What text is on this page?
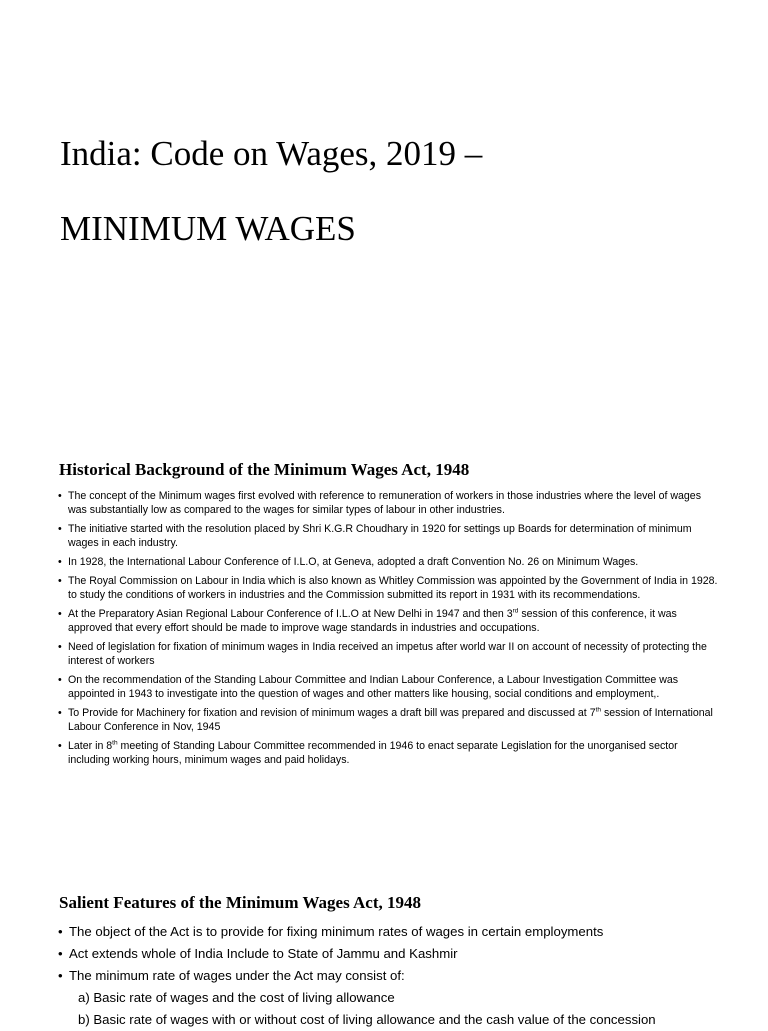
India: Code on Wages, 2019 –
MINIMUM WAGES
Historical Background of the Minimum Wages Act, 1948
• The concept of the Minimum wages first evolved with reference to remuneration of workers in those industries where the level of wages was substantially low as compared to the wages for similar types of labour in other industries.
• The initiative started with the resolution placed by Shri K.G.R Choudhary in 1920 for settings up Boards for determination of minimum wages in each industry.
• In 1928, the International Labour Conference of I.L.O, at Geneva, adopted a draft Convention No. 26 on Minimum Wages.
• The Royal Commission on Labour in India which is also known as Whitley Commission was appointed by the Government of India in 1928. to study the conditions of workers in industries and the Commission submitted its report in 1931 with its recommendations.
• At the Preparatory Asian Regional Labour Conference of I.L.O at New Delhi in 1947 and then 3rd session of this conference, it was approved that every effort should be made to improve wage standards in industries and occupations.
• Need of legislation for fixation of minimum wages in India received an impetus after world war II on account of necessity of protecting the interest of workers
• On the recommendation of the Standing Labour Committee and Indian Labour Conference, a Labour Investigation Committee was appointed in 1943 to investigate into the question of wages and other matters like housing, social conditions and employment,.
• To Provide for Machinery for fixation and revision of minimum wages a draft bill was prepared and discussed at 7th session of International Labour Conference in Nov, 1945
• Later in 8th meeting of Standing Labour Committee recommended in 1946 to enact separate Legislation for the unorganised sector including working hours, minimum wages and paid holidays.
Salient Features of the Minimum Wages Act, 1948
• The object of the Act is to provide for fixing minimum rates of wages in certain employments
• Act extends whole of India Include to State of Jammu and Kashmir
• The minimum rate of wages under the Act may consist of:
a) Basic rate of wages and the cost of living allowance
b) Basic rate of wages with or without cost of living allowance and the cash value of the concession
